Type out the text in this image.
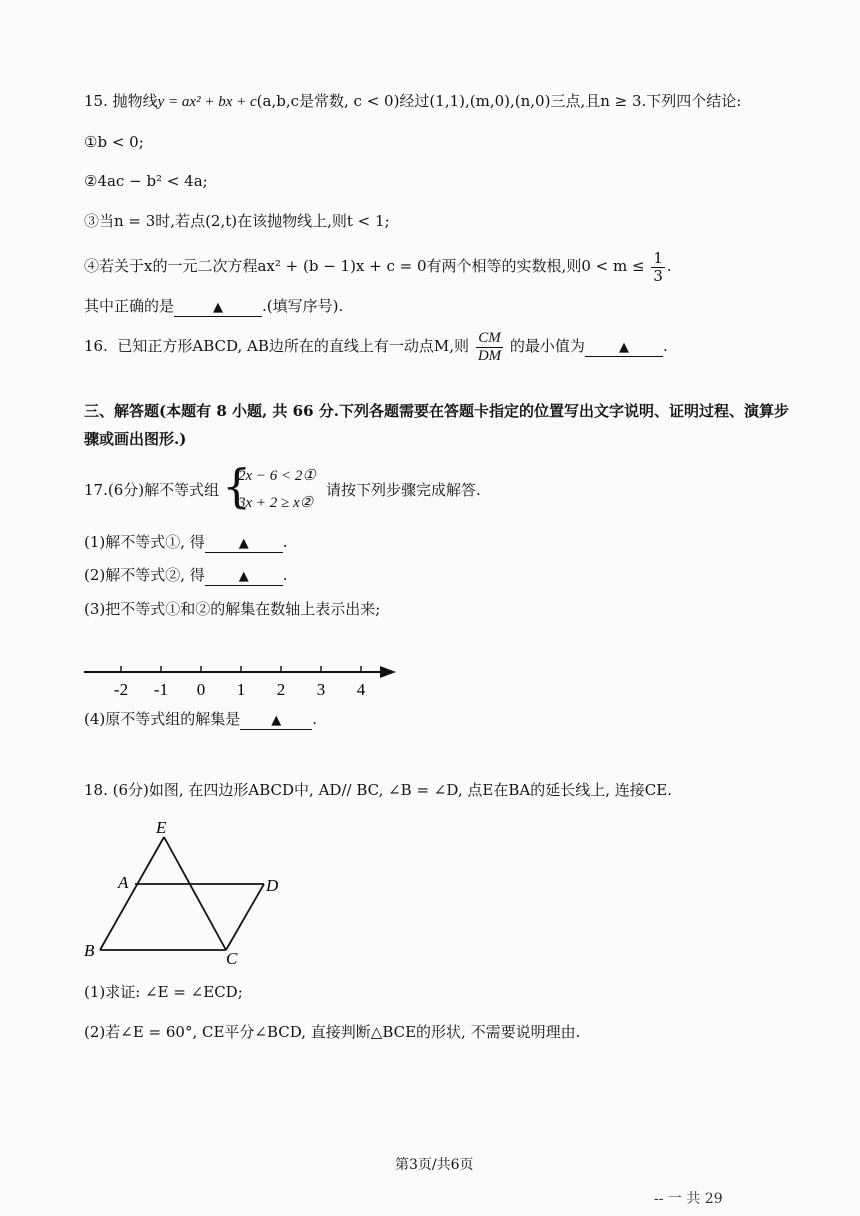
15. 抛物线y = ax² + bx + c(a,b,c是常数, c < 0)经过(1,1),(m,0),(n,0)三点,且n ≥ 3.下列四个结论:
①b < 0;
②4ac − b² < 4a;
③当n = 3时,若点(2,t)在该抛物线上,则t < 1;
④若关于x的一元二次方程ax² + (b − 1)x + c = 0有两个相等的实数根,则$0 < m \le \frac{1}{3}$ .
其中正确的是	▲	.(填写序号).
16. 已知正方形ABCD, AB边所在的直线上有一动点M,则 $\frac{CM}{DM}$ 的最小值为	▲ .
三、解答题(本题有 8 小题, 共 66 分.下列各题需要在答题卡指定的位置写出文字说明、证明过程、演算步
骤或画出图形.)
17.(6分)解不等式组 {
2x − 6 < 2①
3x + 2 ≥ x②
请按下列步骤完成解答.
(1)解不等式①, 得	▲ .
(2)解不等式②, 得	▲ .
(3)把不等式①和②的解集在数轴上表示出来;
-2 -1 0 1 2 3 4
(4)原不等式组的解集是 ▲ .
18. (6分)如图, 在四边形ABCD中, AD// BC, ∠B = ∠D, 点E在BA的延长线上, 连接CE.
E
A	D
B	C
(1)求证: ∠E = ∠ECD;
(2)若∠E = 60°, CE平分∠BCD, 直接判断△BCE的形状, 不需要说明理由.
第3页/共6页
-- 一 共 29
